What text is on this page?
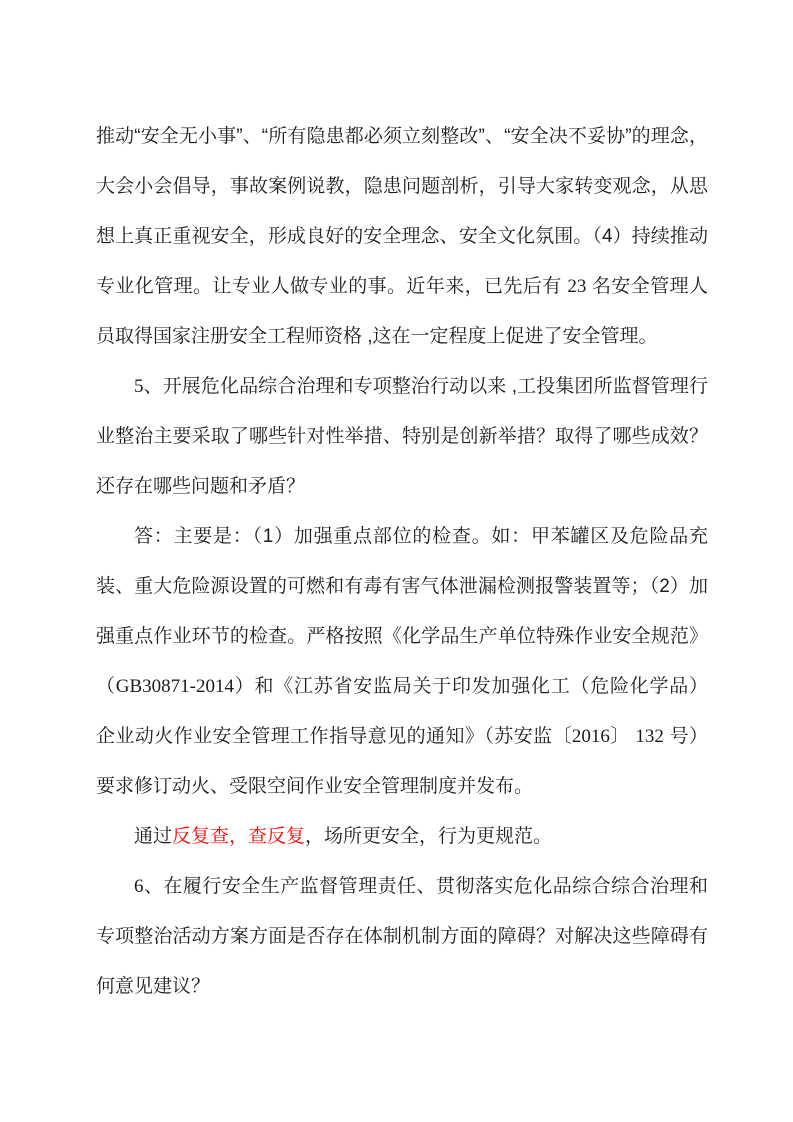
推动“安全无小事”、“所有隐患都必须立刻整改”、“安全决不妥协”的理念，大会小会倡导，事故案例说教，隐患问题剖析，引导大家转变观念，从思想上真正重视安全，形成良好的安全理念、安全文化氛围。（4）持续推动专业化管理。让专业人做专业的事。近年来，已先后有 23 名安全管理人员取得国家注册安全工程师资格 ,这在一定程度上促进了安全管理。

5、开展危化品综合治理和专项整治行动以来 ,工投集团所监督管理行业整治主要采取了哪些针对性举措、特别是创新举措？取得了哪些成效？还存在哪些问题和矛盾？

答：主要是：（1）加强重点部位的检查。如：甲苯罐区及危险品充装、重大危险源设置的可燃和有毒有害气体泄漏检测报警装置等；（2）加强重点作业环节的检查。严格按照《化学品生产单位特殊作业安全规范》（GB30871-2014）和《江苏省安监局关于印发加强化工（危险化学品）企业动火作业安全管理工作指导意见的通知》（苏安监〔2016〕 132 号）要求修订动火、受限空间作业安全管理制度并发布。

通过反复查，查反复，场所更安全，行为更规范。

6、在履行安全生产监督管理责任、贯彻落实危化品综合综合治理和专项整治活动方案方面是否存在体制机制方面的障碍？对解决这些障碍有何意见建议？
